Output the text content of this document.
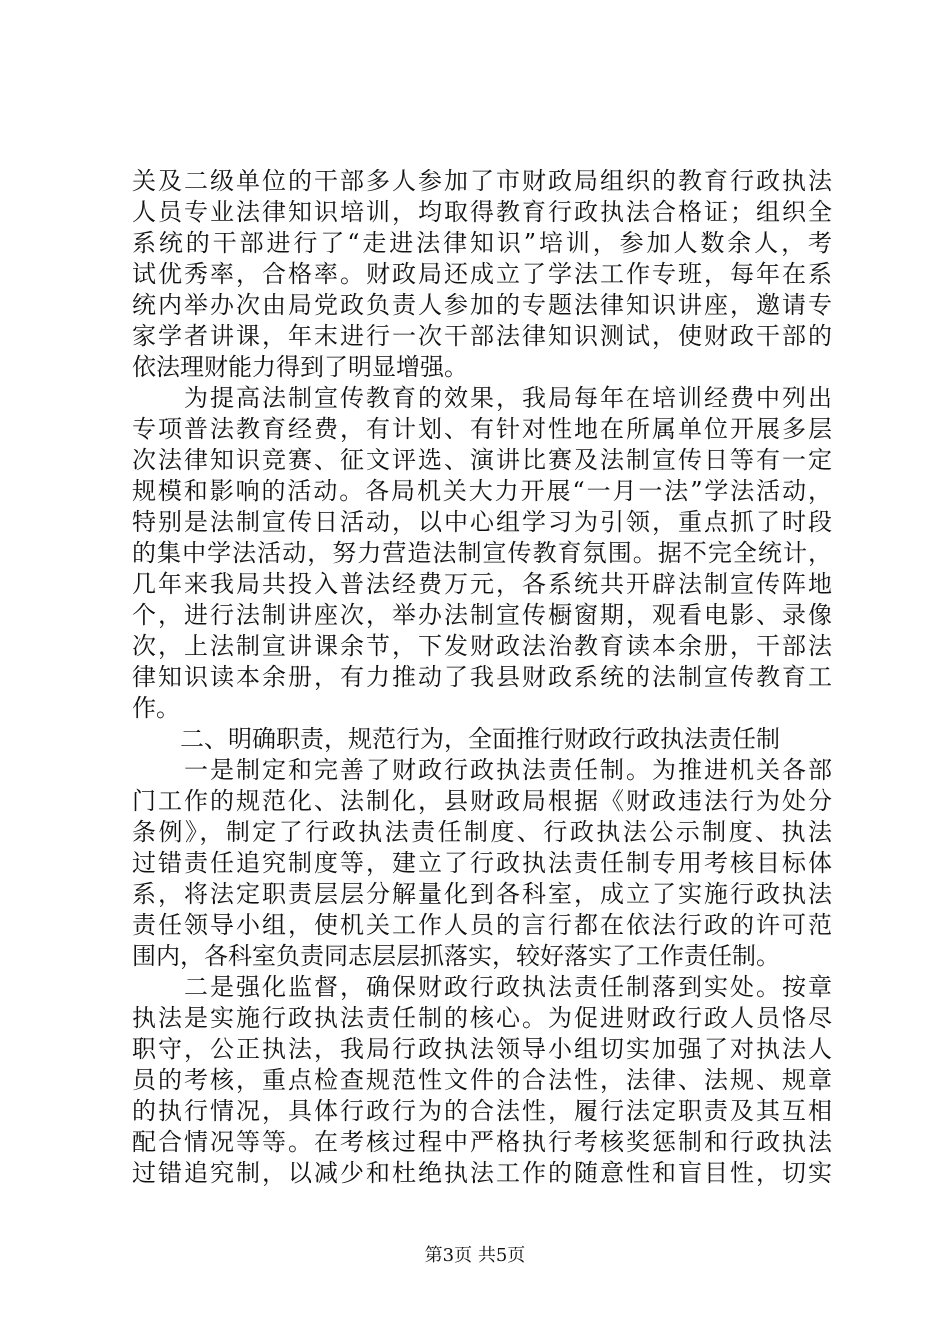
关及二级单位的干部多人参加了市财政局组织的教育行政执法
人员专业法律知识培训，均取得教育行政执法合格证；组织全
系统的干部进行了“走进法律知识”培训，参加人数余人，考
试优秀率，合格率。财政局还成立了学法工作专班，每年在系
统内举办次由局党政负责人参加的专题法律知识讲座，邀请专
家学者讲课，年末进行一次干部法律知识测试，使财政干部的
依法理财能力得到了明显增强。
　　为提高法制宣传教育的效果，我局每年在培训经费中列出
专项普法教育经费，有计划、有针对性地在所属单位开展多层
次法律知识竞赛、征文评选、演讲比赛及法制宣传日等有一定
规模和影响的活动。各局机关大力开展“一月一法”学法活动，
特别是法制宣传日活动，以中心组学习为引领，重点抓了时段
的集中学法活动，努力营造法制宣传教育氛围。据不完全统计，
几年来我局共投入普法经费万元，各系统共开辟法制宣传阵地
个，进行法制讲座次，举办法制宣传橱窗期，观看电影、录像
次，上法制宣讲课余节，下发财政法治教育读本余册，干部法
律知识读本余册，有力推动了我县财政系统的法制宣传教育工
作。
　　二、明确职责，规范行为，全面推行财政行政执法责任制
　　一是制定和完善了财政行政执法责任制。为推进机关各部
门工作的规范化、法制化，县财政局根据《财政违法行为处分
条例》，制定了行政执法责任制度、行政执法公示制度、执法
过错责任追究制度等，建立了行政执法责任制专用考核目标体
系，将法定职责层层分解量化到各科室，成立了实施行政执法
责任领导小组，使机关工作人员的言行都在依法行政的许可范
围内，各科室负责同志层层抓落实，较好落实了工作责任制。
　　二是强化监督，确保财政行政执法责任制落到实处。按章
执法是实施行政执法责任制的核心。为促进财政行政人员恪尽
职守，公正执法，我局行政执法领导小组切实加强了对执法人
员的考核，重点检查规范性文件的合法性，法律、法规、规章
的执行情况，具体行政行为的合法性，履行法定职责及其互相
配合情况等等。在考核过程中严格执行考核奖惩制和行政执法
过错追究制，以减少和杜绝执法工作的随意性和盲目性，切实
第3页 共5页
